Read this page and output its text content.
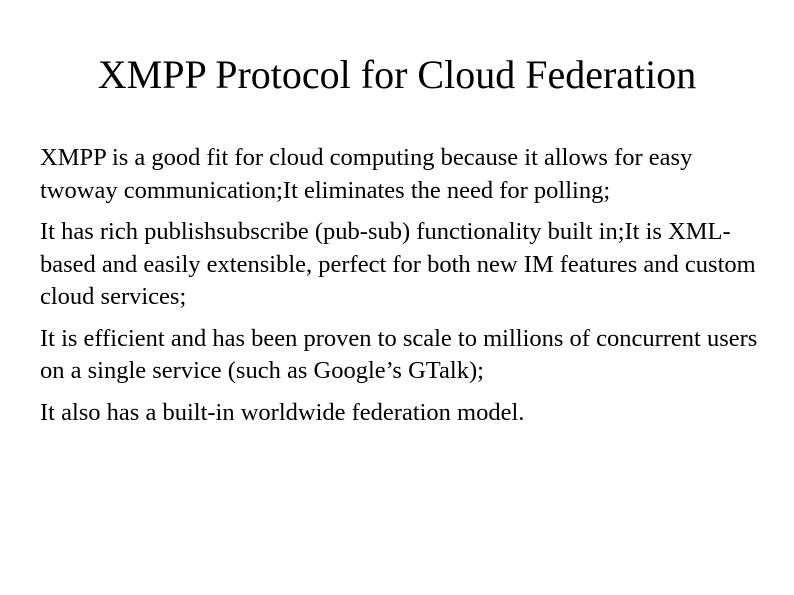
XMPP Protocol for Cloud Federation

XMPP is a good fit for cloud computing because it allows for easy twoway communication;It eliminates the need for polling;

It has rich publishsubscribe (pub-sub) functionality built in;It is XML-based and easily extensible, perfect for both new IM features and custom cloud services;

It is efficient and has been proven to scale to millions of concurrent users on a single service (such as Google’s GTalk);

It also has a built-in worldwide federation model.
